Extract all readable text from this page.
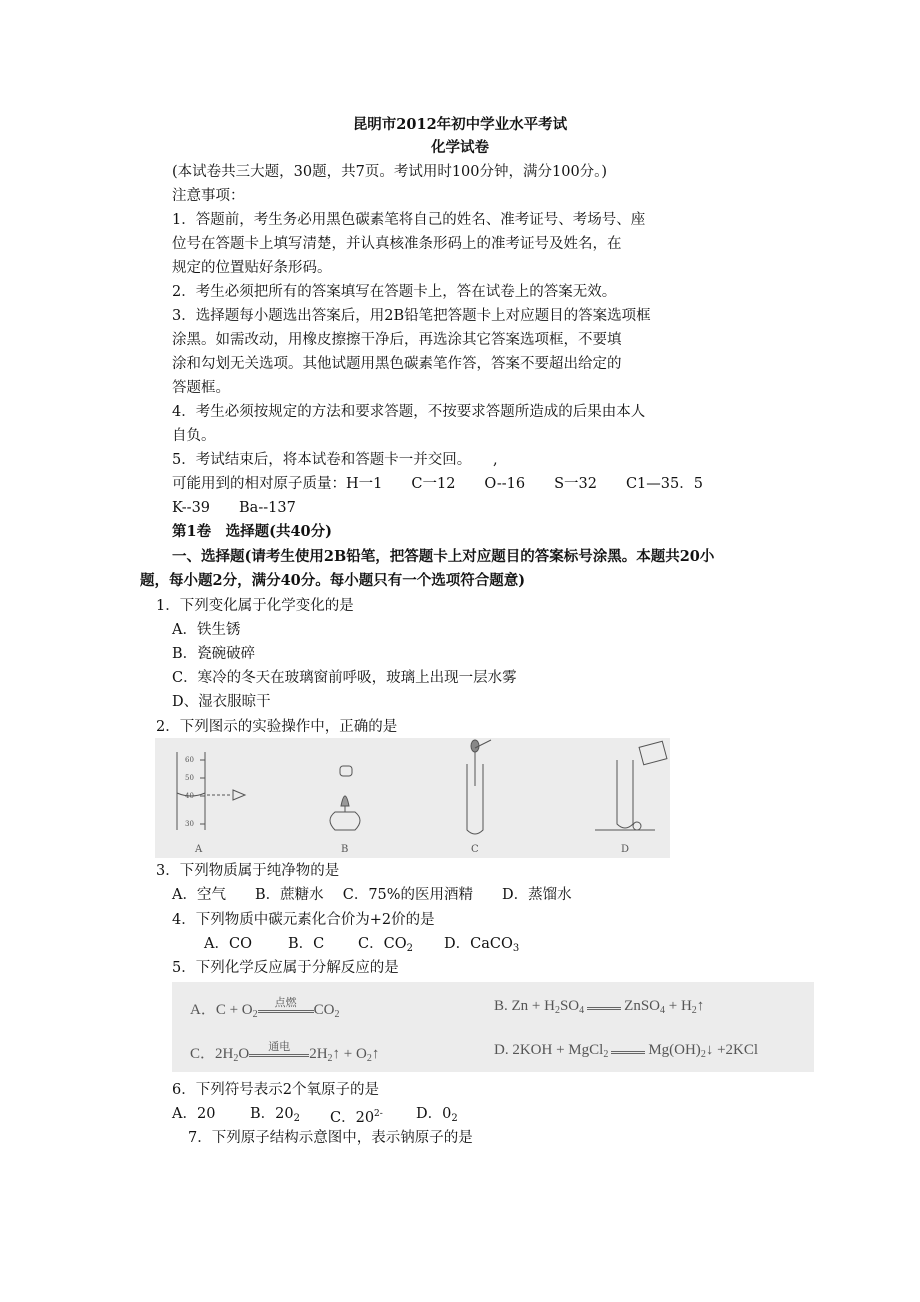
昆明市2012年初中学业水平考试
化学试卷
(本试卷共三大题，30题，共7页。考试用时100分钟，满分100分。)
注意事项：
1．答题前，考生务必用黑色碳素笔将自己的姓名、准考证号、考场号、座
位号在答题卡上填写清楚，并认真核准条形码上的准考证号及姓名，在
规定的位置贴好条形码。
2．考生必须把所有的答案填写在答题卡上，答在试卷上的答案无效。
3．选择题每小题选出答案后，用2B铅笔把答题卡上对应题目的答案选项框
涂黑。如需改动，用橡皮擦擦干净后，再选涂其它答案选项框，不要填
涂和勾划无关选项。其他试题用黑色碳素笔作答，答案不要超出给定的
答题框。
4．考生必须按规定的方法和要求答题，不按要求答题所造成的后果由本人
自负。
5．考试结束后，将本试卷和答题卡一并交回。　　,
可能用到的相对原子质量：H一1　　C一12　　O--16　　S一32　　C1—35．5
K--39　　Ba--137
第1卷　选择题(共40分)
一、选择题(请考生使用2B铅笔，把答题卡上对应题目的答案标号涂黑。本题共20小
题，每小题2分，满分40分。每小题只有一个选项符合题意)
1．下列变化属于化学变化的是
A．铁生锈
B．瓷碗破碎
C．寒冷的冬天在玻璃窗前呼吸，玻璃上出现一层水雾
D、湿衣服晾干
2．下列图示的实验操作中，正确的是
60
50
40
30
A	B	C	D
3．下列物质属于纯净物的是
A．空气　　B．蔗糖水　 C．75%的医用酒精　　D．蒸馏水
4．下列物质中碳元素化合价为+2价的是
A．CO B．C C．$CO_2$ D．CaCO$_3$
5．下列化学反应属于分解反应的是
A．$C + O_2$点燃 $CO_2$
B. $Zn + H_2SO_4$	ZnSO$_4$ + $H_2↑$
C．$2H_2O$ 通电 $2H_2↑$ + $O_2↑$	D. 2KOH + MgCl$_2$	$Mg(OH)_2↓ +2KCl$
6．下列符号表示2个氧原子的是
A．20 B．$20_2$ C．$20^{2-}$ D．$0_2$
7．下列原子结构示意图中，表示钠原子的是
